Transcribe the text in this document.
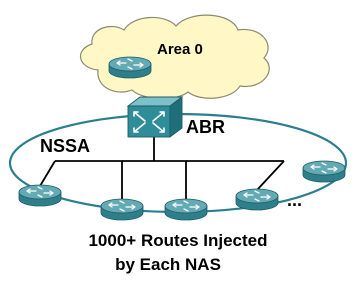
Area 0
ABR
NSSA
...
1000+ Routes Injected
by Each NAS
